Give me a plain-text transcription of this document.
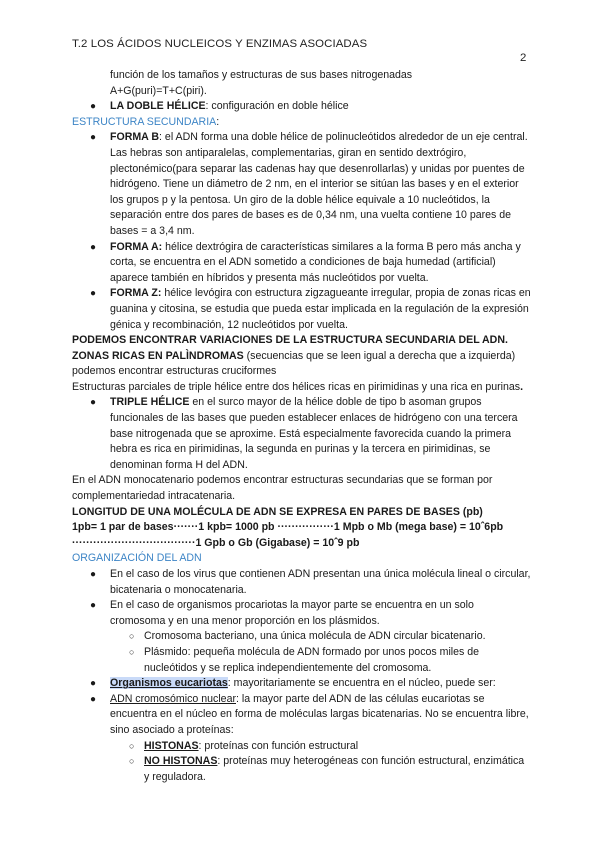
T.2 LOS ÁCIDOS NUCLEICOS Y ENZIMAS ASOCIADAS
2

función de los tamaños y estructuras de sus bases nitrogenadas
A+G(puri)=T+C(piri).

● LA DOBLE HÉLICE: configuración en doble hélice

ESTRUCTURA SECUNDARIA:

● FORMA B: el ADN forma una doble hélice de polinucleótidos alrededor de un eje central. Las hebras son antiparalelas, complementarias, giran en sentido dextrógiro, plectonémico(para separar las cadenas hay que desenrollarlas) y unidas por puentes de hidrógeno. Tiene un diámetro de 2 nm, en el interior se sitúan las bases y en el exterior los grupos p y la pentosa. Un giro de la doble hélice equivale a 10 nucleótidos, la separación entre dos pares de bases es de 0,34 nm, una vuelta contiene 10 pares de bases = a 3,4 nm.
● FORMA A: hélice dextrógira de características similares a la forma B pero más ancha y corta, se encuentra en el ADN sometido a condiciones de baja humedad (artificial) aparece también en híbridos y presenta más nucleótidos por vuelta.
● FORMA Z: hélice levógira con estructura zigzagueante irregular, propia de zonas ricas en guanina y citosina, se estudia que pueda estar implicada en la regulación de la expresión génica y recombinación, 12 nucleótidos por vuelta.

PODEMOS ENCONTRAR VARIACIONES DE LA ESTRUCTURA SECUNDARIA DEL ADN.

ZONAS RICAS EN PALÌNDROMAS (secuencias que se leen igual a derecha que a izquierda) podemos encontrar estructuras cruciformes

Estructuras parciales de triple hélice entre dos hélices ricas en pirimidinas y una rica en purinas.

● TRIPLE HÉLICE en el surco mayor de la hélice doble de tipo b asoman grupos funcionales de las bases que pueden establecer enlaces de hidrógeno con una tercera base nitrogenada que se aproxime. Está especialmente favorecida cuando la primera hebra es rica en pirimidinas, la segunda en purinas y la tercera en pirimidinas, se denominan forma H del ADN.

En el ADN monocatenario podemos encontrar estructuras secundarias que se forman por complementariedad intracatenaria.

LONGITUD DE UNA MOLÉCULA DE ADN SE EXPRESA EN PARES DE BASES (pb)

1pb= 1 par de bases·······1 kpb= 1000 pb ················1 Mpb o Mb (mega base) = 10ˆ6pb

···································1 Gpb o Gb (Gigabase) = 10ˆ9 pb

ORGANIZACIÓN DEL ADN

● En el caso de los virus que contienen ADN presentan una única molécula lineal o circular, bicatenaria o monocatenaria.
● En el caso de organismos procariotas la mayor parte se encuentra en un solo cromosoma y en una menor proporción en los plásmidos.
○ Cromosoma bacteriano, una única molécula de ADN circular bicatenario.
○ Plásmido: pequeña molécula de ADN formado por unos pocos miles de nucleótidos y se replica independientemente del cromosoma.
● Organismos eucariotas: mayoritariamente se encuentra en el núcleo, puede ser:
● ADN cromosómico nuclear: la mayor parte del ADN de las células eucariotas se encuentra en el núcleo en forma de moléculas largas bicatenarias. No se encuentra libre, sino asociado a proteínas:
○ HISTONAS: proteínas con función estructural
○ NO HISTONAS: proteínas muy heterogéneas con función estructural, enzimática y reguladora.
